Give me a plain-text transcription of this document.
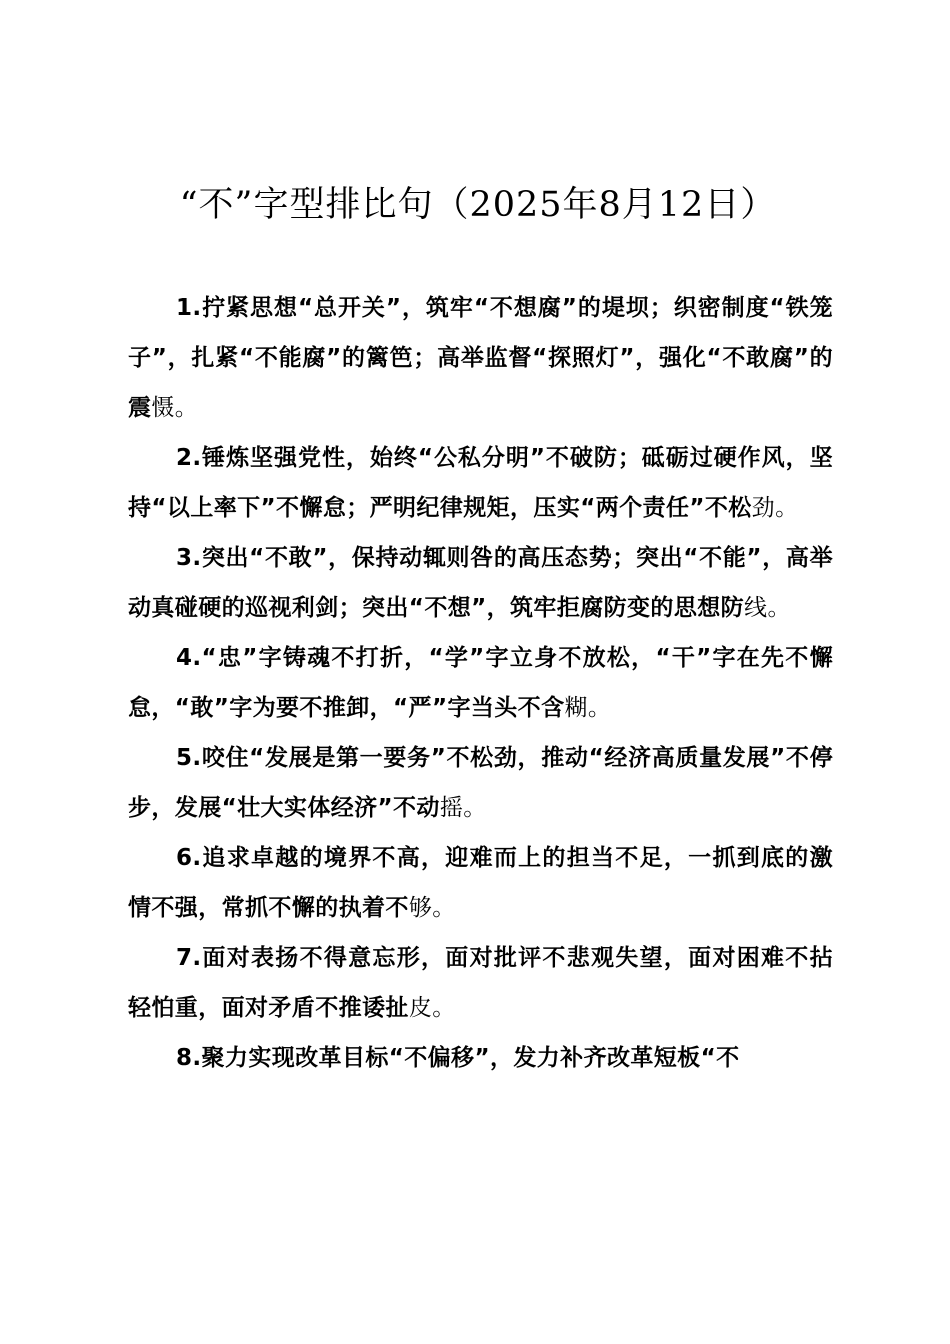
“不”字型排比句（2025年8月12日）

1.拧紧思想“总开关”，筑牢“不想腐”的堤坝；织密制度“铁笼子”，扎紧“不能腐”的篱笆；高举监督“探照灯”，强化“不敢腐”的震慑。

2.锤炼坚强党性，始终“公私分明”不破防；砥砺过硬作风，坚持“以上率下”不懈怠；严明纪律规矩，压实“两个责任”不松劲。

3.突出“不敢”，保持动辄则咎的高压态势；突出“不能”，高举动真碰硬的巡视利剑；突出“不想”，筑牢拒腐防变的思想防线。

4.“忠”字铸魂不打折，“学”字立身不放松，“干”字在先不懈怠，“敢”字为要不推卸，“严”字当头不含糊。

5.咬住“发展是第一要务”不松劲，推动“经济高质量发展”不停步，发展“壮大实体经济”不动摇。

6.追求卓越的境界不高，迎难而上的担当不足，一抓到底的激情不强，常抓不懈的执着不够。

7.面对表扬不得意忘形，面对批评不悲观失望，面对困难不拈轻怕重，面对矛盾不推诿扯皮。

8.聚力实现改革目标“不偏移”，发力补齐改革短板“不
